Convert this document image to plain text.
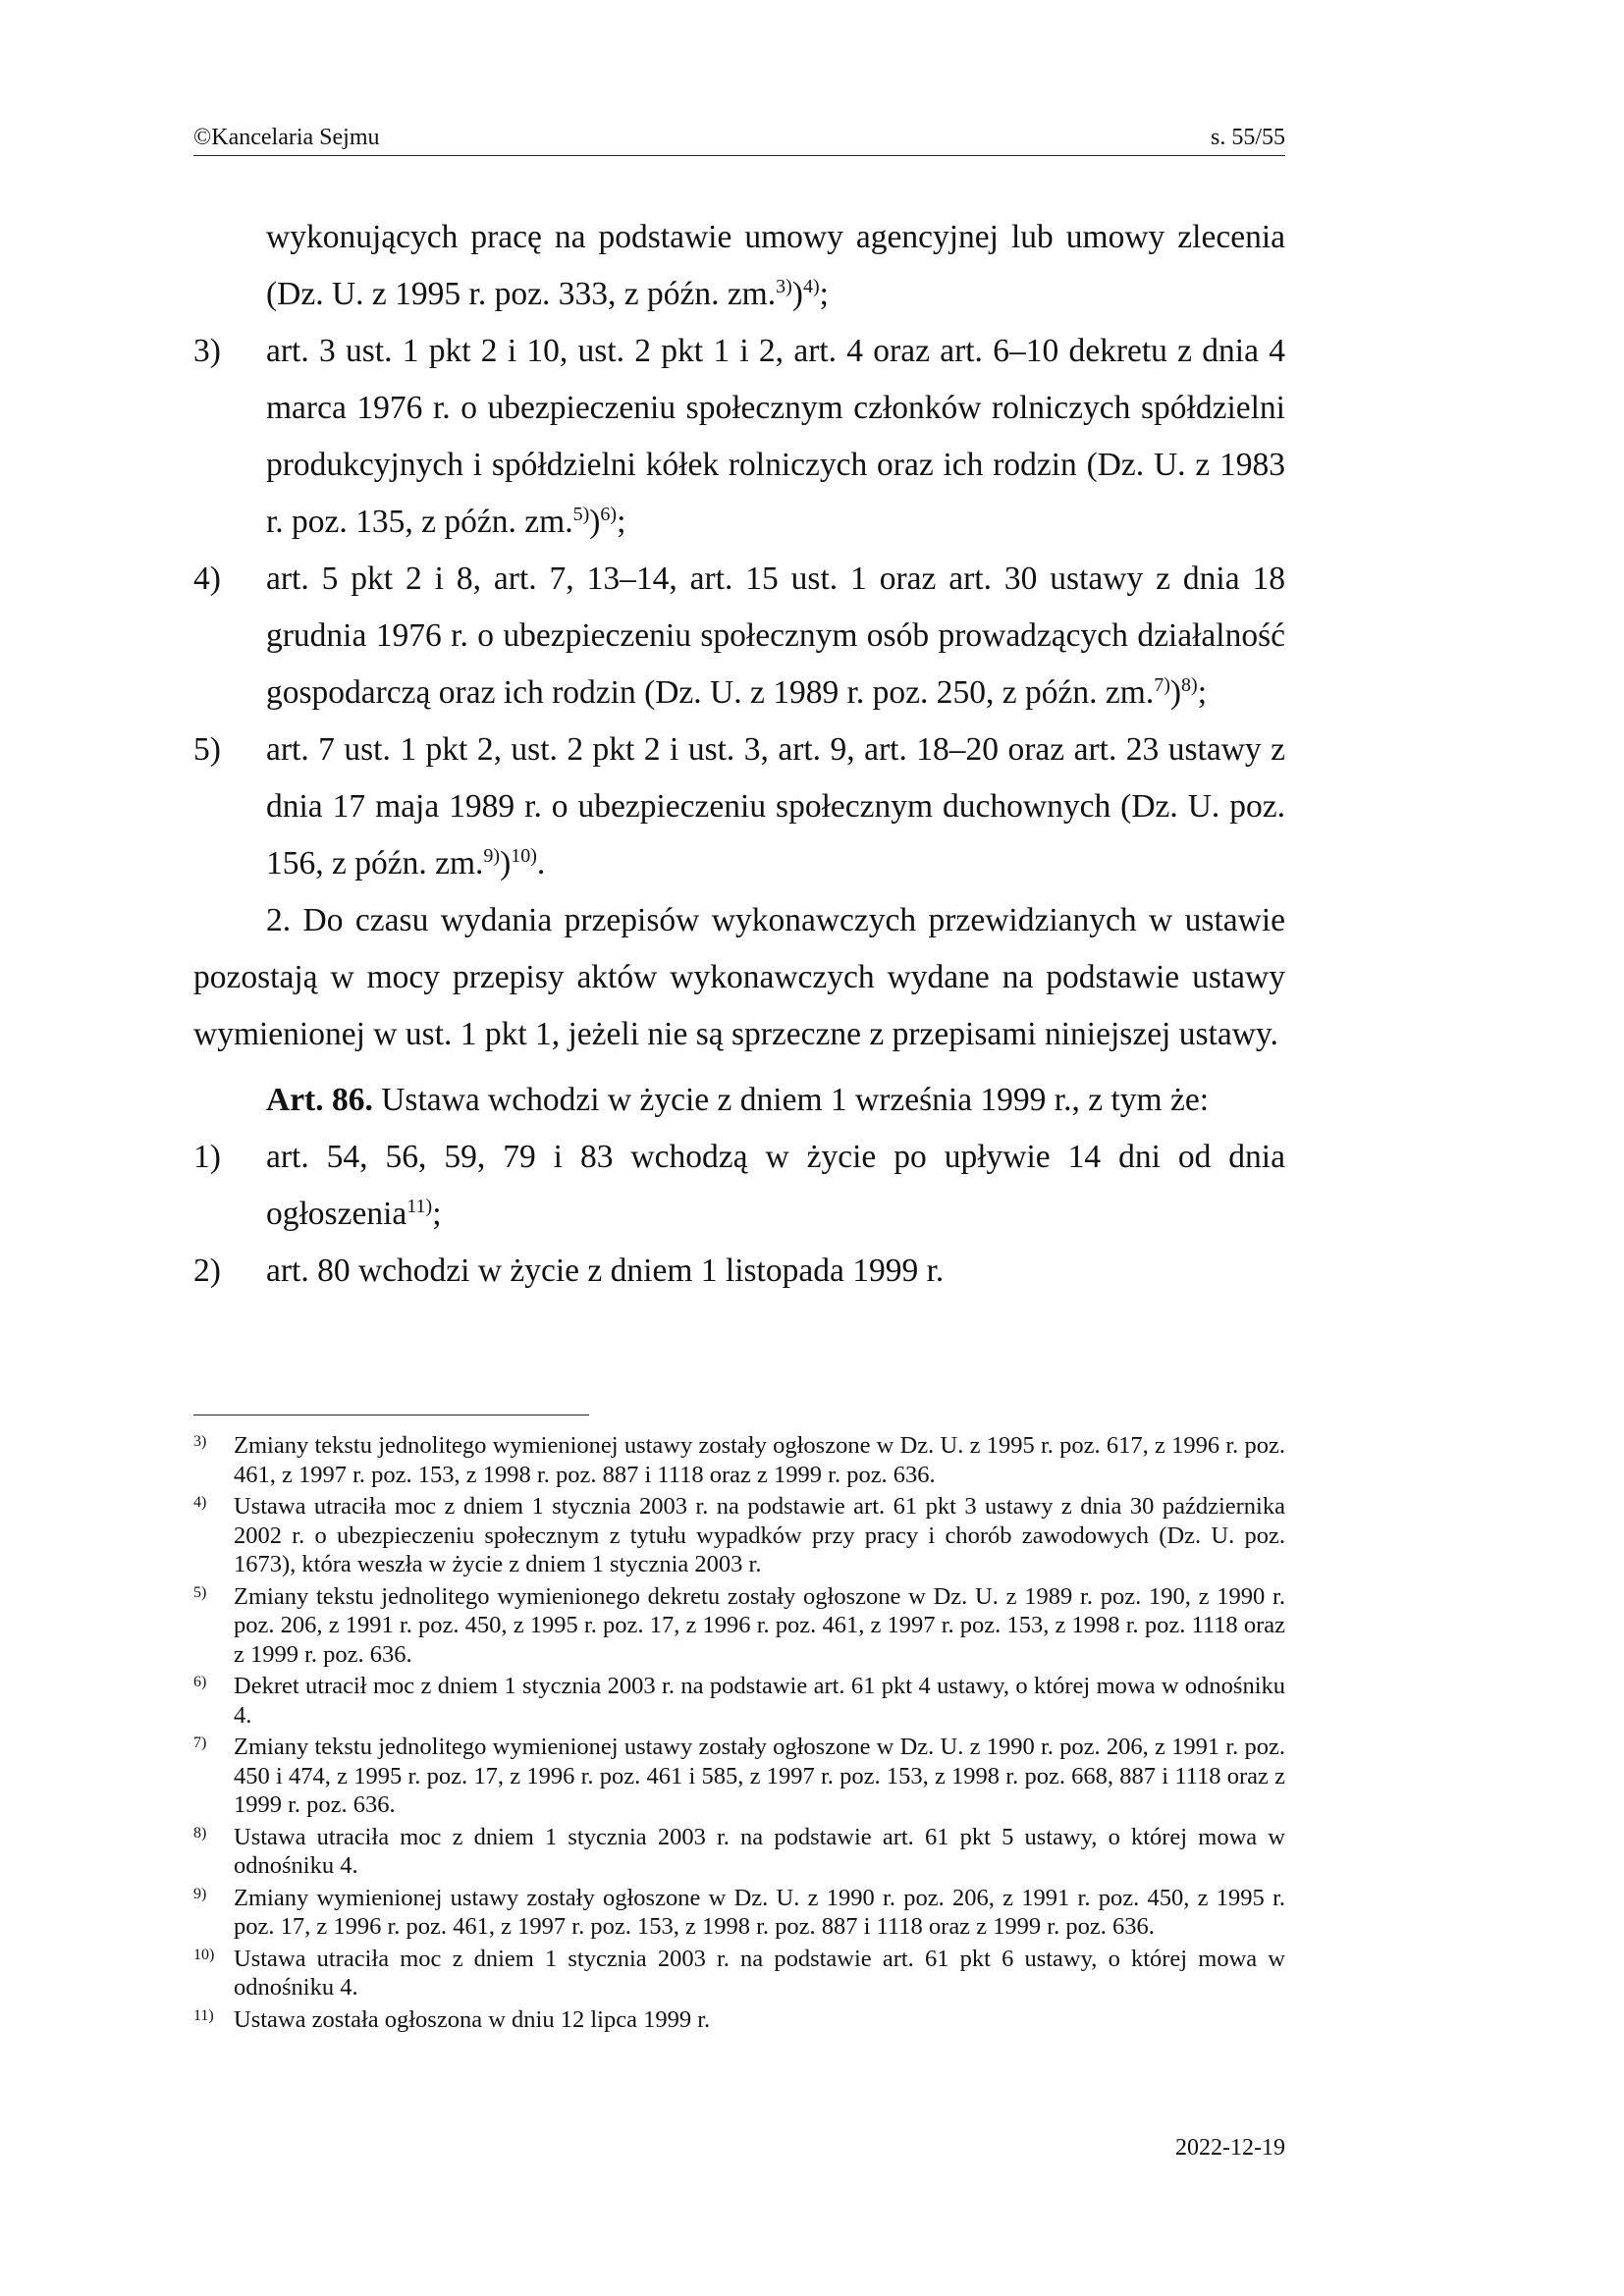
©Kancelaria Sejmu	s. 55/55

wykonujących pracę na podstawie umowy agencyjnej lub umowy zlecenia (Dz. U. z 1995 r. poz. 333, z późn. zm.$^{3)}$)$^{4)}$;

3) art. 3 ust. 1 pkt 2 i 10, ust. 2 pkt 1 i 2, art. 4 oraz art. 6–10 dekretu z dnia 4 marca 1976 r. o ubezpieczeniu społecznym członków rolniczych spółdzielni produkcyjnych i spółdzielni kółek rolniczych oraz ich rodzin (Dz. U. z 1983 r. poz. 135, z późn. zm.$^{5)}$)$^{6)}$;
4) art. 5 pkt 2 i 8, art. 7, 13–14, art. 15 ust. 1 oraz art. 30 ustawy z dnia 18 grudnia 1976 r. o ubezpieczeniu społecznym osób prowadzących działalność gospodarczą oraz ich rodzin (Dz. U. z 1989 r. poz. 250, z późn. zm.$^{7)}$)$^{8)}$;
5) art. 7 ust. 1 pkt 2, ust. 2 pkt 2 i ust. 3, art. 9, art. 18–20 oraz art. 23 ustawy z dnia 17 maja 1989 r. o ubezpieczeniu społecznym duchownych (Dz. U. poz. 156, z późn. zm.$^{9)}$)$^{10)}$.

2. Do czasu wydania przepisów wykonawczych przewidzianych w ustawie pozostają w mocy przepisy aktów wykonawczych wydane na podstawie ustawy wymienionej w ust. 1 pkt 1, jeżeli nie są sprzeczne z przepisami niniejszej ustawy.

Art. 86. Ustawa wchodzi w życie z dniem 1 września 1999 r., z tym że:

1) art. 54, 56, 59, 79 i 83 wchodzą w życie po upływie 14 dni od dnia ogłoszenia$^{11)}$;
2) art. 80 wchodzi w życie z dniem 1 listopada 1999 r.
3) Zmiany tekstu jednolitego wymienionej ustawy zostały ogłoszone w Dz. U. z 1995 r. poz. 617, z 1996 r. poz. 461, z 1997 r. poz. 153, z 1998 r. poz. 887 i 1118 oraz z 1999 r. poz. 636.
4) Ustawa utraciła moc z dniem 1 stycznia 2003 r. na podstawie art. 61 pkt 3 ustawy z dnia 30 października 2002 r. o ubezpieczeniu społecznym z tytułu wypadków przy pracy i chorób zawodowych (Dz. U. poz. 1673), która weszła w życie z dniem 1 stycznia 2003 r.
5) Zmiany tekstu jednolitego wymienionego dekretu zostały ogłoszone w Dz. U. z 1989 r. poz. 190, z 1990 r. poz. 206, z 1991 r. poz. 450, z 1995 r. poz. 17, z 1996 r. poz. 461, z 1997 r. poz. 153, z 1998 r. poz. 1118 oraz z 1999 r. poz. 636.
6) Dekret utracił moc z dniem 1 stycznia 2003 r. na podstawie art. 61 pkt 4 ustawy, o której mowa w odnośniku 4.
7) Zmiany tekstu jednolitego wymienionej ustawy zostały ogłoszone w Dz. U. z 1990 r. poz. 206, z 1991 r. poz. 450 i 474, z 1995 r. poz. 17, z 1996 r. poz. 461 i 585, z 1997 r. poz. 153, z 1998 r. poz. 668, 887 i 1118 oraz z 1999 r. poz. 636.
8) Ustawa utraciła moc z dniem 1 stycznia 2003 r. na podstawie art. 61 pkt 5 ustawy, o której mowa w odnośniku 4.
9) Zmiany wymienionej ustawy zostały ogłoszone w Dz. U. z 1990 r. poz. 206, z 1991 r. poz. 450, z 1995 r. poz. 17, z 1996 r. poz. 461, z 1997 r. poz. 153, z 1998 r. poz. 887 i 1118 oraz z 1999 r. poz. 636.
10) Ustawa utraciła moc z dniem 1 stycznia 2003 r. na podstawie art. 61 pkt 6 ustawy, o której mowa w odnośniku 4.
11) Ustawa została ogłoszona w dniu 12 lipca 1999 r.
2022-12-19
